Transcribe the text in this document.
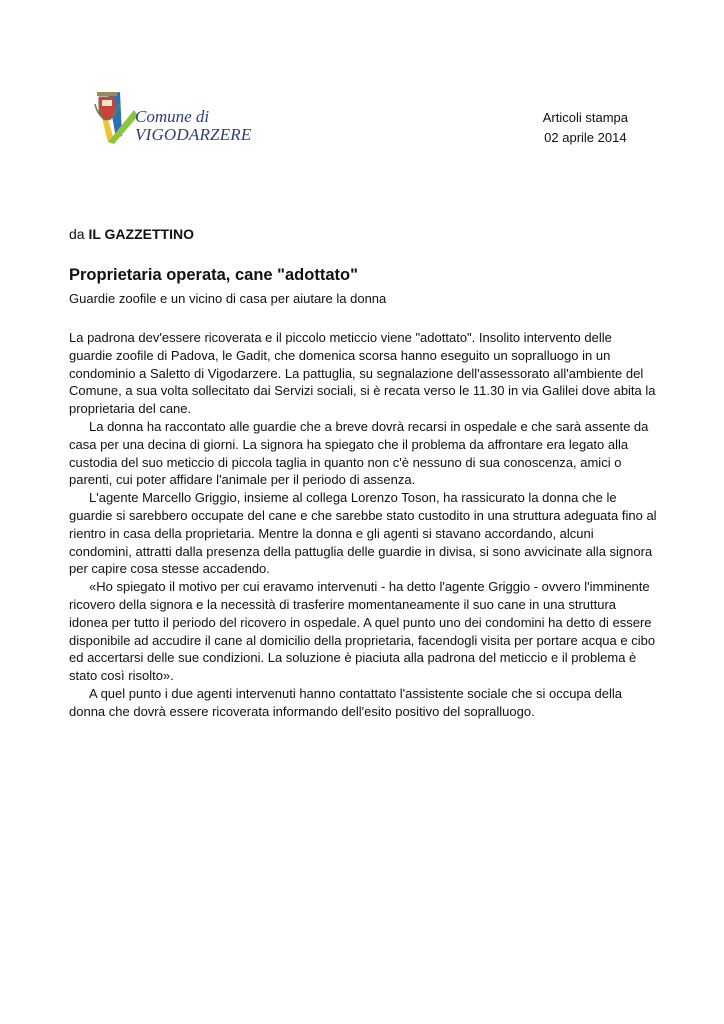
Comune di
VIGODARZERE
Articoli stampa
02 aprile 2014
da IL GAZZETTINO
Proprietaria operata, cane "adottato"
Guardie zoofile e un vicino di casa per aiutare la donna

La padrona dev'essere ricoverata e il piccolo meticcio viene "adottato". Insolito intervento delle guardie zoofile di Padova, le Gadit, che domenica scorsa hanno eseguito un sopralluogo in un condominio a Saletto di Vigodarzere. La pattuglia, su segnalazione dell'assessorato all'ambiente del Comune, a sua volta sollecitato dai Servizi sociali, si è recata verso le 11.30 in via Galilei dove abita la proprietaria del cane.

La donna ha raccontato alle guardie che a breve dovrà recarsi in ospedale e che sarà assente da casa per una decina di giorni. La signora ha spiegato che il problema da affrontare era legato alla custodia del suo meticcio di piccola taglia in quanto non c'è nessuno di sua conoscenza, amici o parenti, cui poter affidare l'animale per il periodo di assenza.

L'agente Marcello Griggio, insieme al collega Lorenzo Toson, ha rassicurato la donna che le guardie si sarebbero occupate del cane e che sarebbe stato custodito in una struttura adeguata fino al rientro in casa della proprietaria. Mentre la donna e gli agenti si stavano accordando, alcuni condomini, attratti dalla presenza della pattuglia delle guardie in divisa, si sono avvicinate alla signora per capire cosa stesse accadendo.

«Ho spiegato il motivo per cui eravamo intervenuti - ha detto l'agente Griggio - ovvero l'imminente ricovero della signora e la necessità di trasferire momentaneamente il suo cane in una struttura idonea per tutto il periodo del ricovero in ospedale. A quel punto uno dei condomini ha detto di essere disponibile ad accudire il cane al domicilio della proprietaria, facendogli visita per portare acqua e cibo ed accertarsi delle sue condizioni. La soluzione è piaciuta alla padrona del meticcio e il problema è stato così risolto».

A quel punto i due agenti intervenuti hanno contattato l'assistente sociale che si occupa della donna che dovrà essere ricoverata informando dell'esito positivo del sopralluogo.
